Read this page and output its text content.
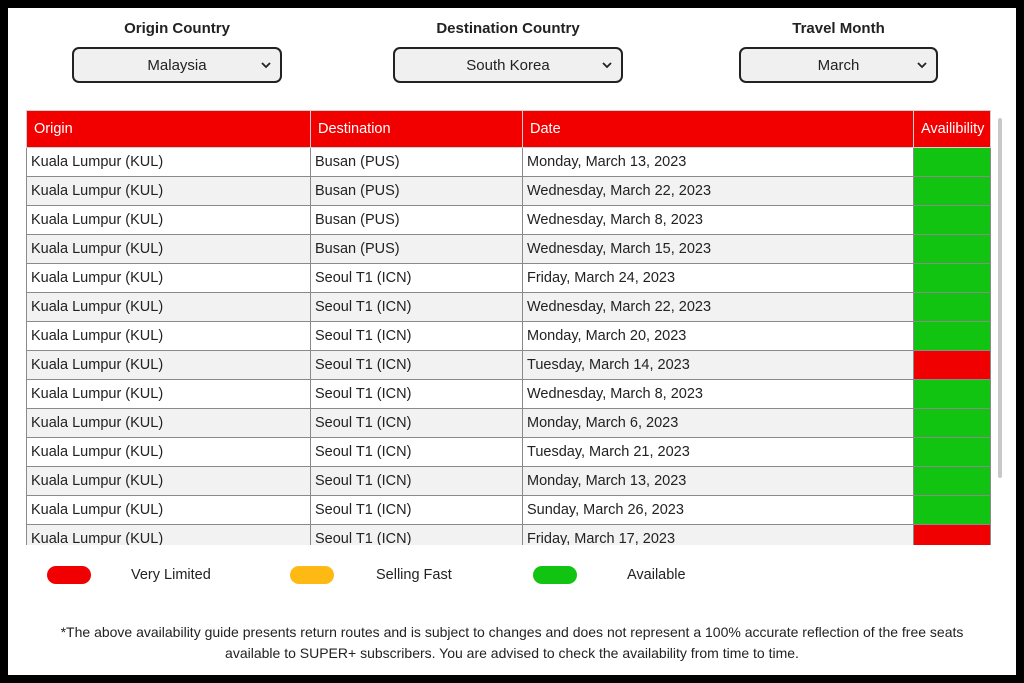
Origin Country
Malaysia
Destination Country
South Korea
Travel Month
March
Origin	Destination	Date	Availibility
Kuala Lumpur (KUL)	Busan (PUS)	Monday, March 13, 2023	
Kuala Lumpur (KUL)	Busan (PUS)	Wednesday, March 22, 2023	
Kuala Lumpur (KUL)	Busan (PUS)	Wednesday, March 8, 2023	
Kuala Lumpur (KUL)	Busan (PUS)	Wednesday, March 15, 2023	
Kuala Lumpur (KUL)	Seoul T1 (ICN)	Friday, March 24, 2023	
Kuala Lumpur (KUL)	Seoul T1 (ICN)	Wednesday, March 22, 2023	
Kuala Lumpur (KUL)	Seoul T1 (ICN)	Monday, March 20, 2023	
Kuala Lumpur (KUL)	Seoul T1 (ICN)	Tuesday, March 14, 2023	
Kuala Lumpur (KUL)	Seoul T1 (ICN)	Wednesday, March 8, 2023	
Kuala Lumpur (KUL)	Seoul T1 (ICN)	Monday, March 6, 2023	
Kuala Lumpur (KUL)	Seoul T1 (ICN)	Tuesday, March 21, 2023	
Kuala Lumpur (KUL)	Seoul T1 (ICN)	Monday, March 13, 2023	
Kuala Lumpur (KUL)	Seoul T1 (ICN)	Sunday, March 26, 2023	
Kuala Lumpur (KUL)	Seoul T1 (ICN)	Friday, March 17, 2023	
Very Limited	Selling Fast	Available
*The above availability guide presents return routes and is subject to changes and does not represent a 100% accurate reflection of the free seats available to SUPER+ subscribers. You are advised to check the availability from time to time.
